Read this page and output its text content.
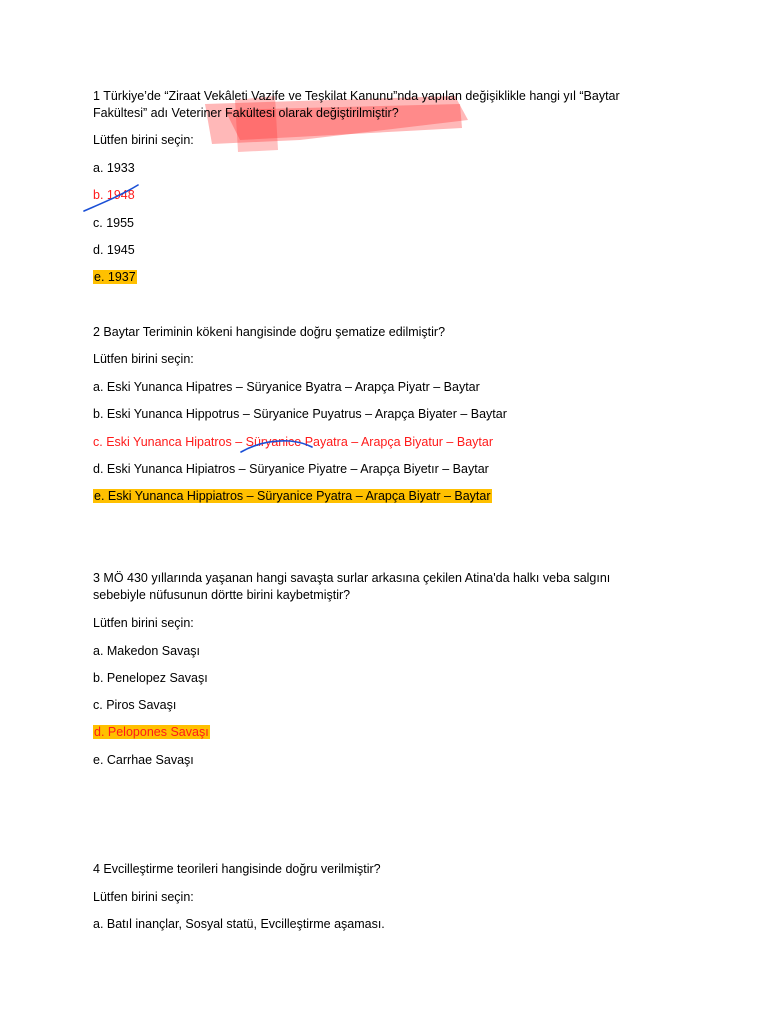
1 Türkiye’de “Ziraat Vekâleti Vazife ve Teşkilat Kanunu”nda yapılan değişiklikle hangi yıl “Baytar Fakültesi” adı Veteriner Fakültesi olarak değiştirilmiştir?
Lütfen birini seçin:
a. 1933
b. 1948
c. 1955
d. 1945
e. 1937
2 Baytar Teriminin kökeni hangisinde doğru şematize edilmiştir?
Lütfen birini seçin:
a. Eski Yunanca Hipatres – Süryanice Byatra – Arapça Piyatr – Baytar
b. Eski Yunanca Hippotrus – Süryanice Puyatrus – Arapça Biyater – Baytar
c. Eski Yunanca Hipatros – Süryanice Payatra – Arapça Biyatur – Baytar
d. Eski Yunanca Hipiatros – Süryanice Piyatre – Arapça Biyetır – Baytar
e. Eski Yunanca Hippiatros – Süryanice Pyatra – Arapça Biyatr – Baytar
3 MÖ 430 yıllarında yaşanan hangi savaşta surlar arkasına çekilen Atina'da halkı veba salgını sebebiyle nüfusunun dörtte birini kaybetmiştir?
Lütfen birini seçin:
a. Makedon Savaşı
b. Penelopez Savaşı
c. Piros Savaşı
d. Pelopones Savaşı
e. Carrhae Savaşı
4 Evcilleştirme teorileri hangisinde doğru verilmiştir?
Lütfen birini seçin:
a. Batıl inançlar, Sosyal statü, Evcilleştirme aşaması.
